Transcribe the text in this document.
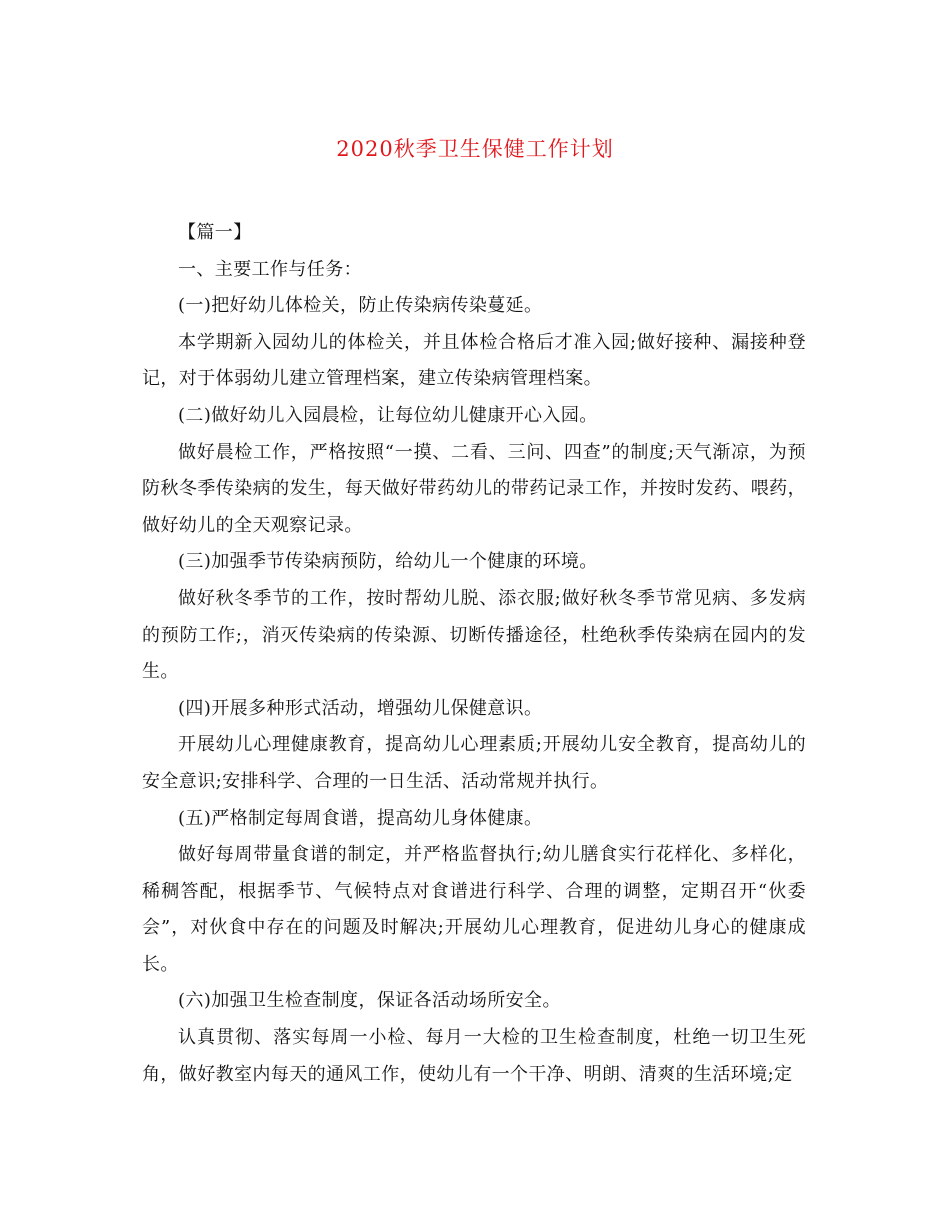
2020秋季卫生保健工作计划

【篇一】

一、主要工作与任务：

(一)把好幼儿体检关，防止传染病传染蔓延。

本学期新入园幼儿的体检关，并且体检合格后才准入园;做好接种、漏接种登记，对于体弱幼儿建立管理档案，建立传染病管理档案。

(二)做好幼儿入园晨检，让每位幼儿健康开心入园。

做好晨检工作，严格按照“一摸、二看、三问、四查”的制度;天气渐凉，为预防秋冬季传染病的发生，每天做好带药幼儿的带药记录工作，并按时发药、喂药，做好幼儿的全天观察记录。

(三)加强季节传染病预防，给幼儿一个健康的环境。

做好秋冬季节的工作，按时帮幼儿脱、添衣服;做好秋冬季节常见病、多发病的预防工作;，消灭传染病的传染源、切断传播途径，杜绝秋季传染病在园内的发生。

(四)开展多种形式活动，增强幼儿保健意识。

开展幼儿心理健康教育，提高幼儿心理素质;开展幼儿安全教育，提高幼儿的安全意识;安排科学、合理的一日生活、活动常规并执行。

(五)严格制定每周食谱，提高幼儿身体健康。

做好每周带量食谱的制定，并严格监督执行;幼儿膳食实行花样化、多样化，稀稠答配，根据季节、气候特点对食谱进行科学、合理的调整，定期召开“伙委会”，对伙食中存在的问题及时解决;开展幼儿心理教育，促进幼儿身心的健康成长。

(六)加强卫生检查制度，保证各活动场所安全。

认真贯彻、落实每周一小检、每月一大检的卫生检查制度，杜绝一切卫生死角，做好教室内每天的通风工作，使幼儿有一个干净、明朗、清爽的生活环境;定
